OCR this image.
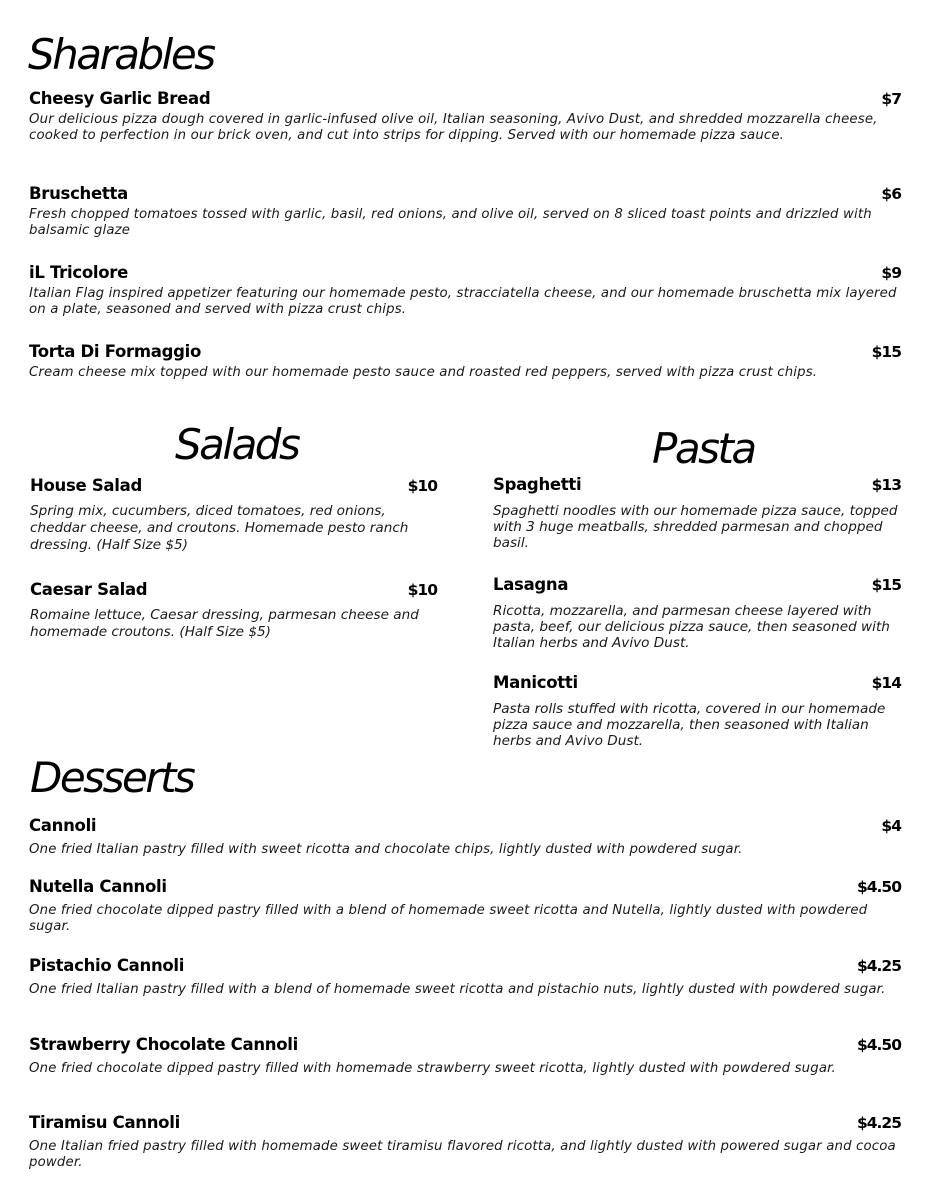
Sharables
Cheesy Garlic Bread	$7
Our delicious pizza dough covered in garlic-infused olive oil, Italian seasoning, Avivo Dust, and shredded mozzarella cheese, cooked to perfection in our brick oven, and cut into strips for dipping. Served with our homemade pizza sauce.
Bruschetta	$6
Fresh chopped tomatoes tossed with garlic, basil, red onions, and olive oil, served on 8 sliced toast points and drizzled with balsamic glaze
iL Tricolore	$9
Italian Flag inspired appetizer featuring our homemade pesto, stracciatella cheese, and our homemade bruschetta mix layered on a plate, seasoned and served with pizza crust chips.
Torta Di Formaggio	$15
Cream cheese mix topped with our homemade pesto sauce and roasted red peppers, served with pizza crust chips.
Salads
House Salad	$10
Spring mix, cucumbers, diced tomatoes, red onions, cheddar cheese, and croutons. Homemade pesto ranch dressing. (Half Size $5)
Caesar Salad	$10
Romaine lettuce, Caesar dressing, parmesan cheese and homemade croutons. (Half Size $5)
Pasta
Spaghetti	$13
Spaghetti noodles with our homemade pizza sauce, topped with 3 huge meatballs, shredded parmesan and chopped basil.
Lasagna	$15
Ricotta, mozzarella, and parmesan cheese layered with pasta, beef, our delicious pizza sauce, then seasoned with Italian herbs and Avivo Dust.
Manicotti	$14
Pasta rolls stuffed with ricotta, covered in our homemade pizza sauce and mozzarella, then seasoned with Italian herbs and Avivo Dust.
Desserts
Cannoli	$4
One fried Italian pastry filled with sweet ricotta and chocolate chips, lightly dusted with powdered sugar.
Nutella Cannoli	$4.50
One fried chocolate dipped pastry filled with a blend of homemade sweet ricotta and Nutella, lightly dusted with powdered sugar.
Pistachio Cannoli	$4.25
One fried Italian pastry filled with a blend of homemade sweet ricotta and pistachio nuts, lightly dusted with powdered sugar.
Strawberry Chocolate Cannoli	$4.50
One fried chocolate dipped pastry filled with homemade strawberry sweet ricotta, lightly dusted with powdered sugar.
Tiramisu Cannoli	$4.25
One Italian fried pastry filled with homemade sweet tiramisu flavored ricotta, and lightly dusted with powered sugar and cocoa powder.
